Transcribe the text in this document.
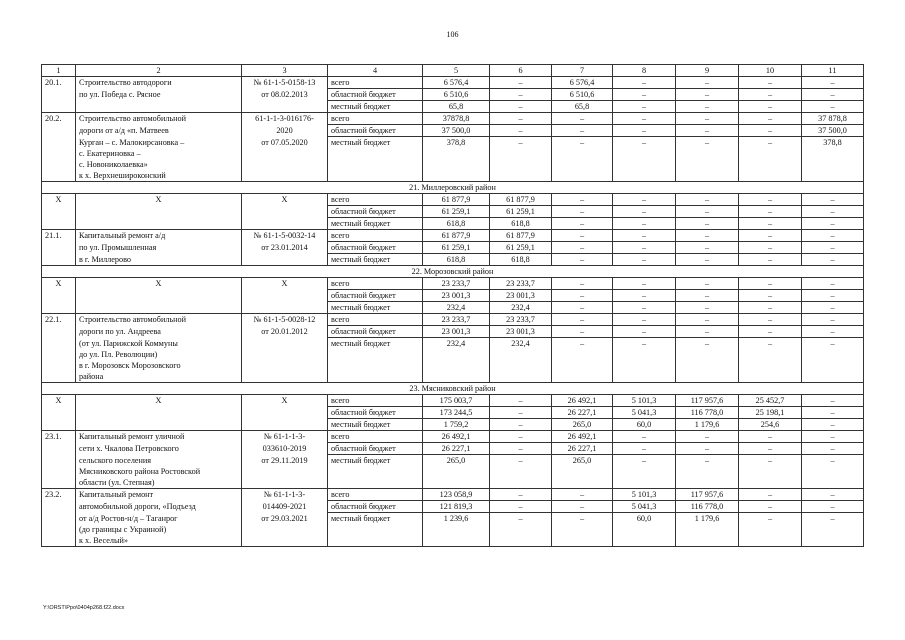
106
1	2	3	4	5	6	7	8	9	10	11
20.1.	Строительство автодороги	№ 61-1-5-0158-13	всего	6 576,4	–	6 576,4	–	–	–	–
	по ул. Победа с. Рясное	от 08.02.2013	областной бюджет	6 510,6	–	6 510,6	–	–	–	–
			местный бюджет	65,8	–	65,8	–	–	–	–
20.2.	Строительство автомобильной	61-1-1-3-016176-	всего	37878,8	–	–	–	–	–	37 878,8
	дороги от а/д «п. Матвеев	2020	областной бюджет	37 500,0	–	–	–	–	–	37 500,0
	Курган – с. Малокирсановка –	от 07.05.2020	местный бюджет	378,8	–	–	–	–	–	378,8
	с. Екатериновка –									
	с. Новониколаевка»									
	к х. Верхнешироконский									
21. Миллеровский район										
X	X	X	всего	61 877,9	61 877,9	–	–	–	–	–
			областной бюджет	61 259,1	61 259,1	–	–	–	–	–
			местный бюджет	618,8	618,8	–	–	–	–	–
21.1.	Капитальный ремонт а/д	№ 61-1-5-0032-14	всего	61 877,9	61 877,9	–	–	–	–	–
	по ул. Промышленная	от 23.01.2014	областной бюджет	61 259,1	61 259,1	–	–	–	–	–
	в г. Миллерово		местный бюджет	618,8	618,8	–	–	–	–	–
22. Морозовский район										
X	X	X	всего	23 233,7	23 233,7	–	–	–	–	–
			областной бюджет	23 001,3	23 001,3	–	–	–	–	–
			местный бюджет	232,4	232,4	–	–	–	–	–
22.1.	Строительство автомобильной	№ 61-1-5-0028-12	всего	23 233,7	23 233,7	–	–	–	–	–
	дороги по ул. Андреева	от 20.01.2012	областной бюджет	23 001,3	23 001,3	–	–	–	–	–
	(от ул. Парижской Коммуны		местный бюджет	232,4	232,4	–	–	–	–	–
	до ул. Пл. Революции)									
	в г. Морозовск Морозовского									
	района									
23. Мясниковский район										
X	X	X	всего	175 003,7	–	26 492,1	5 101,3	117 957,6	25 452,7	–
			областной бюджет	173 244,5	–	26 227,1	5 041,3	116 778,0	25 198,1	–
			местный бюджет	1 759,2	–	265,0	60,0	1 179,6	254,6	–
23.1.	Капитальный ремонт уличной	№ 61-1-1-3-	всего	26 492,1	–	26 492,1	–	–	–	–
	сети х. Чкалова Петровского	033610-2019	областной бюджет	26 227,1	–	26 227,1	–	–	–	–
	сельского поселения	от 29.11.2019	местный бюджет	265,0	–	265,0	–	–	–	–
	Мясниковского района Ростовской									
	области (ул. Степная)									
23.2.	Капитальный ремонт	№ 61-1-1-3-	всего	123 058,9	–	–	5 101,3	117 957,6	–	–
	автомобильной дороги, «Подъезд	014409-2021	областной бюджет	121 819,3	–	–	5 041,3	116 778,0	–	–
	от а/д Ростов-н/д – Таганрог	от 29.03.2021	местный бюджет	1 239,6	–	–	60,0	1 179,6	–	–
	(до границы с Украиной)									
	к х. Веселый»									
Y:\ORST\Ppo\0404p268.f22.docx
